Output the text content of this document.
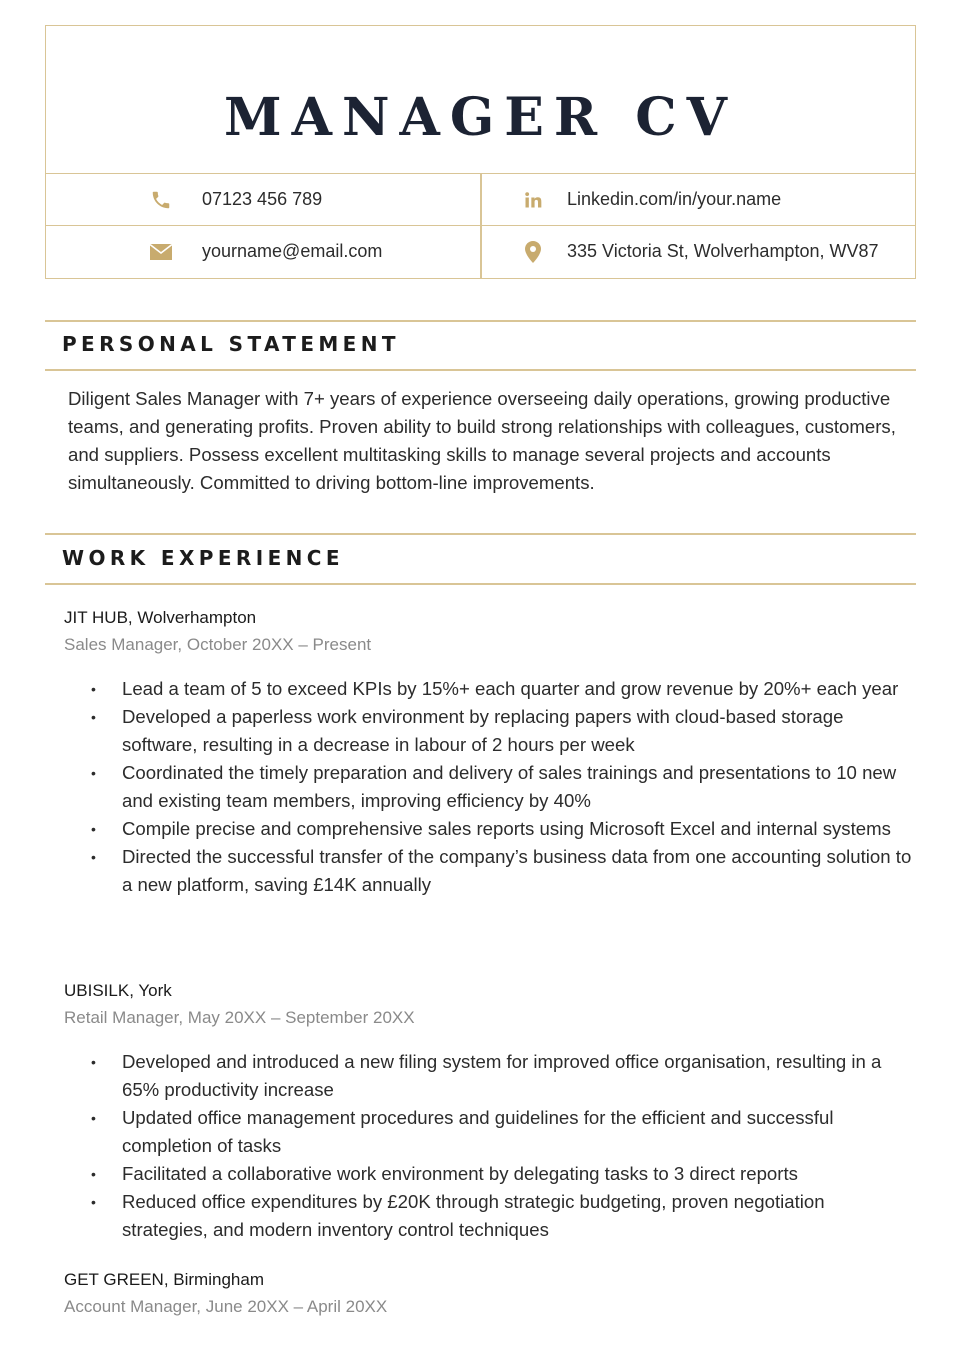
MANAGER CV
07123 456 789	Linkedin.com/in/your.name
yourname@email.com	335 Victoria St, Wolverhampton, WV87
PERSONAL STATEMENT
Diligent Sales Manager with 7+ years of experience overseeing daily operations, growing productive teams, and generating profits. Proven ability to build strong relationships with colleagues, customers, and suppliers. Possess excellent multitasking skills to manage several projects and accounts simultaneously. Committed to driving bottom-line improvements.
WORK EXPERIENCE
JIT HUB, Wolverhampton
Sales Manager, October 20XX – Present
• Lead a team of 5 to exceed KPIs by 15%+ each quarter and grow revenue by 20%+ each year
• Developed a paperless work environment by replacing papers with cloud-based storage software, resulting in a decrease in labour of 2 hours per week
• Coordinated the timely preparation and delivery of sales trainings and presentations to 10 new and existing team members, improving efficiency by 40%
• Compile precise and comprehensive sales reports using Microsoft Excel and internal systems
• Directed the successful transfer of the company’s business data from one accounting solution to a new platform, saving £14K annually
UBISILK, York
Retail Manager, May 20XX – September 20XX
• Developed and introduced a new filing system for improved office organisation, resulting in a 65% productivity increase
• Updated office management procedures and guidelines for the efficient and successful completion of tasks
• Facilitated a collaborative work environment by delegating tasks to 3 direct reports
• Reduced office expenditures by £20K through strategic budgeting, proven negotiation strategies, and modern inventory control techniques
GET GREEN, Birmingham
Account Manager, June 20XX – April 20XX
